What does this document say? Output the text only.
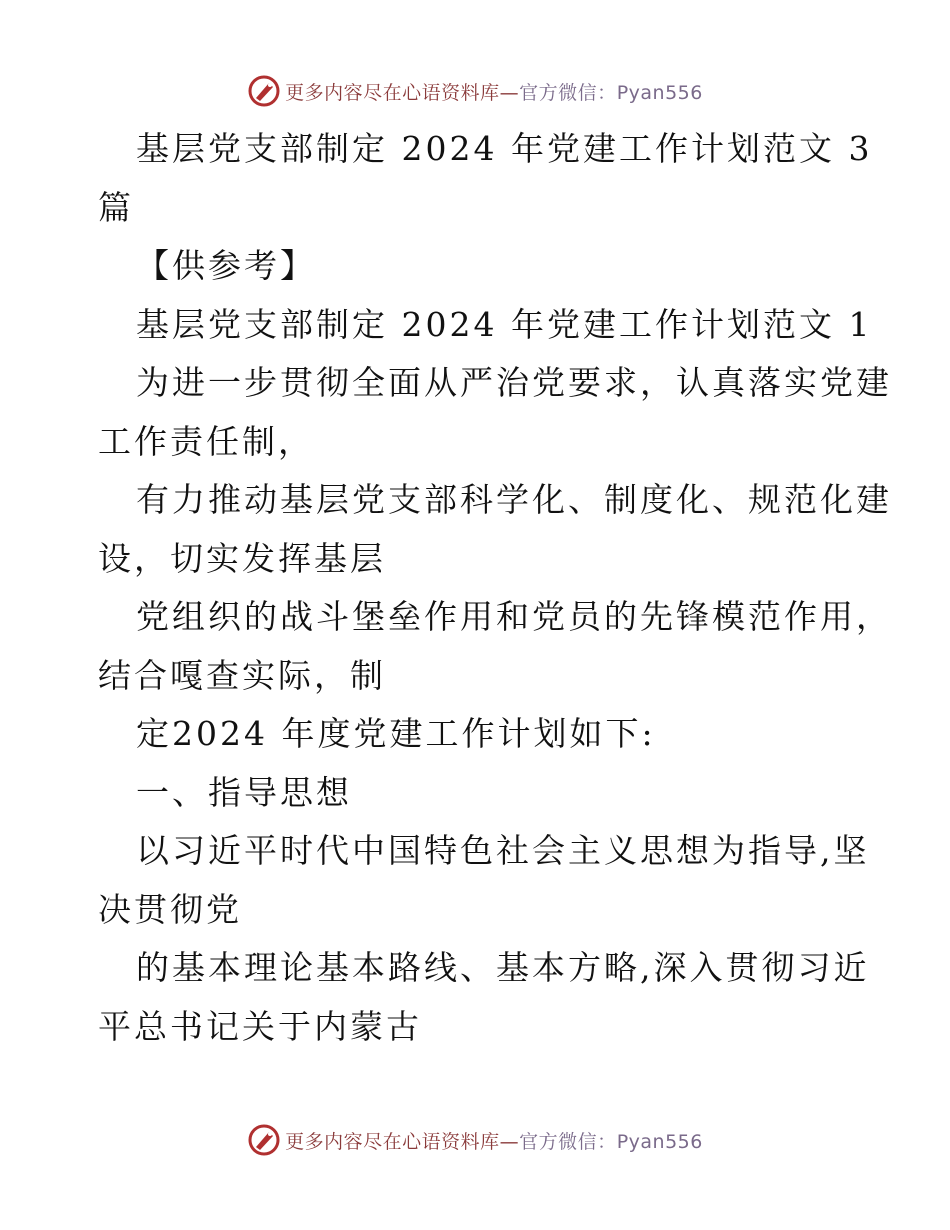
更多内容尽在心语资料库—官方微信：Pyan556
基层党支部制定 2024 年党建工作计划范文 3
篇
【供参考】
基层党支部制定 2024 年党建工作计划范文 1
为进一步贯彻全面从严治党要求，认真落实党建
工作责任制，
有力推动基层党支部科学化、制度化、规范化建
设，切实发挥基层
党组织的战斗堡垒作用和党员的先锋模范作用，
结合嘎查实际，制
定2024 年度党建工作计划如下:
一、指导思想
以习近平时代中国特色社会主义思想为指导,坚
决贯彻党
的基本理论基本路线、基本方略,深入贯彻习近
平总书记关于内蒙古
更多内容尽在心语资料库—官方微信：Pyan556
